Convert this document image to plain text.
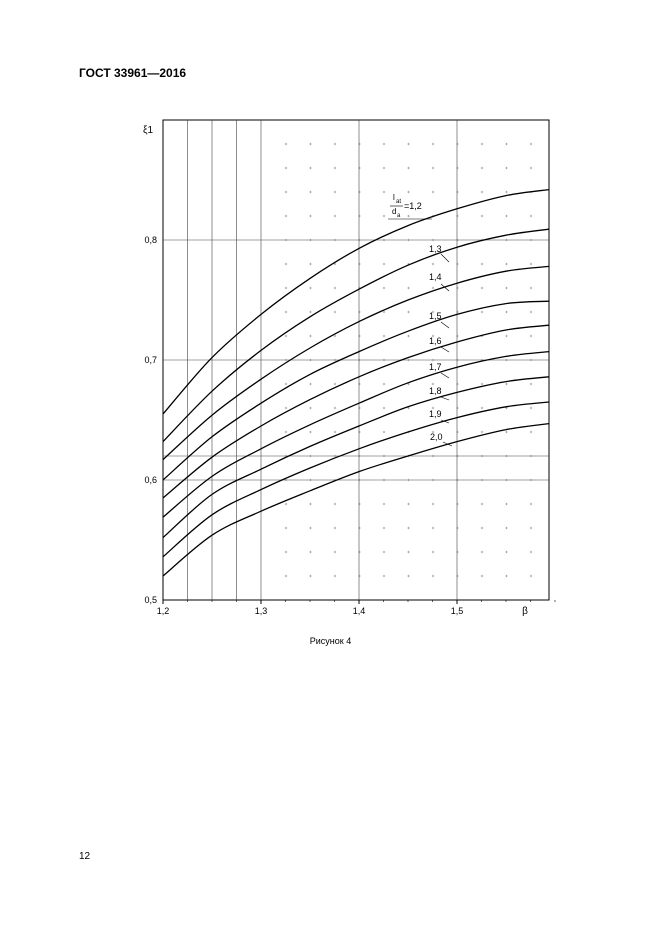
ГОСТ 33961—2016
1,3
1,4
1,5
1,6
1,7
1,8
1,9
2,0
l at
d a
=1,2
1,2	1,3	1,4	1,5
0,5
0,6
0,7
0,8
β
ξ1
Рисунок 4
12
